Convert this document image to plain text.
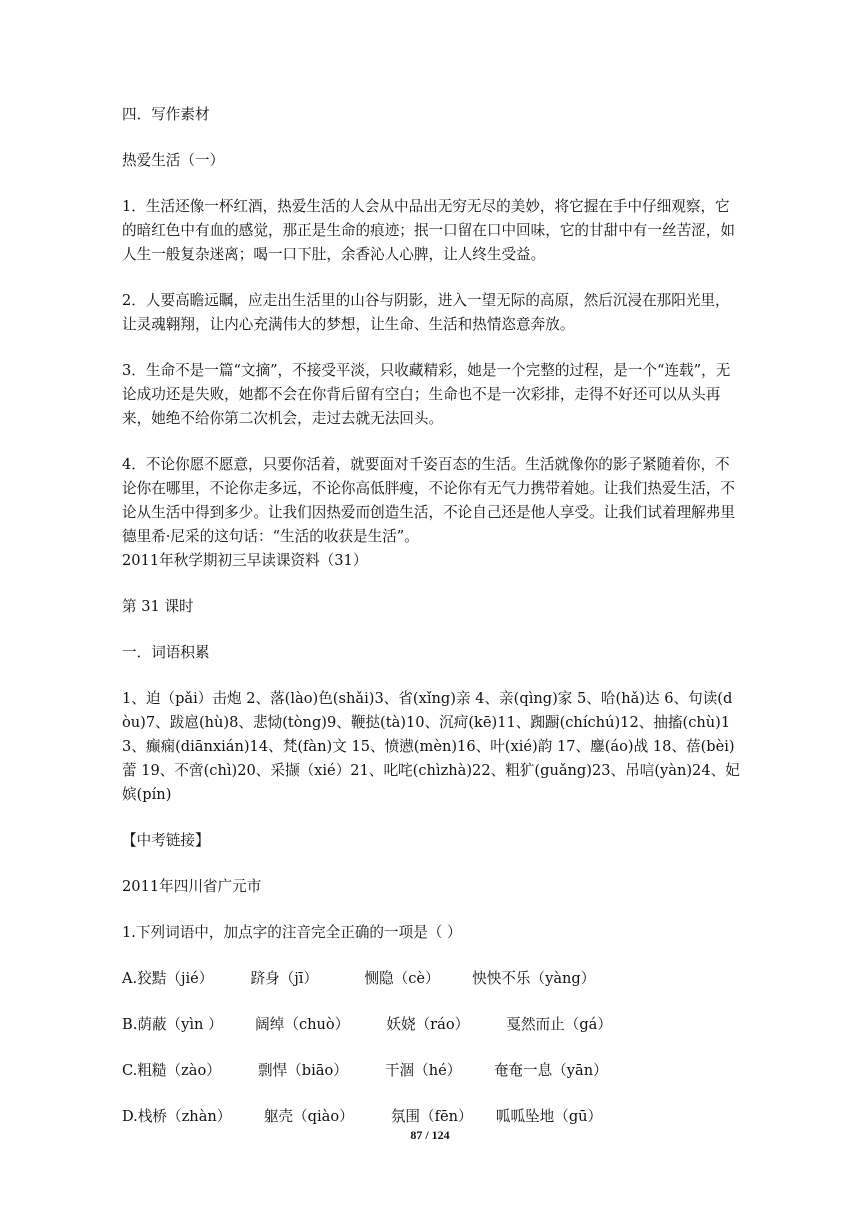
四．写作素材

热爱生活（一）

1．生活还像一杯红酒，热爱生活的人会从中品出无穷无尽的美妙，将它握在手中仔细观察，它的暗红色中有血的感觉，那正是生命的痕迹；抿一口留在口中回味，它的甘甜中有一丝苦涩，如人生一般复杂迷离；喝一口下肚，余香沁人心脾，让人终生受益。

2．人要高瞻远瞩，应走出生活里的山谷与阴影，进入一望无际的高原，然后沉浸在那阳光里，让灵魂翱翔，让内心充满伟大的梦想，让生命、生活和热情恣意奔放。

3．生命不是一篇“文摘”，不接受平淡，只收藏精彩，她是一个完整的过程，是一个“连载”，无论成功还是失败，她都不会在你背后留有空白；生命也不是一次彩排，走得不好还可以从头再来，她绝不给你第二次机会，走过去就无法回头。

4．不论你愿不愿意，只要你活着，就要面对千姿百态的生活。生活就像你的影子紧随着你，不论你在哪里，不论你走多远，不论你高低胖瘦，不论你有无气力携带着她。让我们热爱生活，不论从生活中得到多少。让我们因热爱而创造生活，不论自己还是他人享受。让我们试着理解弗里德里希·尼采的这句话：“生活的收获是生活”。

2011年秋学期初三早读课资料（31）

第 31 课时

一．词语积累

1、迫（pǎi）击炮 2、落(lào)色(shǎi)3、省(xǐng)亲 4、亲(qìng)家 5、哈(hǎ)达 6、句读(dòu)7、跋扈(hù)8、悲恸(tòng)9、鞭挞(tà)10、沉疴(kē)11、踟蹰(chíchú)12、抽搐(chù)13、癫痫(diānxián)14、梵(fàn)文 15、愤懑(mèn)16、叶(xié)韵 17、鏖(áo)战 18、蓓(bèi)蕾 19、不啻(chì)20、采撷（xié）21、叱咤(chìzhà)22、粗犷(guǎng)23、吊唁(yàn)24、妃嫔(pín)

【中考链接】

2011年四川省广元市

1.下列词语中，加点字的注音完全正确的一项是（ ）

A.狡黠（jié）        跻身（jī）          恻隐（cè）       怏怏不乐（yàng）

B.荫蔽（yìn ）       阔绰（chuò）        妖娆（ráo）        戛然而止（gá）

C.粗糙（zào）        剽悍（biāo）        干涸（hé）       奄奄一息（yān）

D.栈桥（zhàn）       躯壳（qiào）        氛围（fēn）     呱呱坠地（gū）

87 / 124
